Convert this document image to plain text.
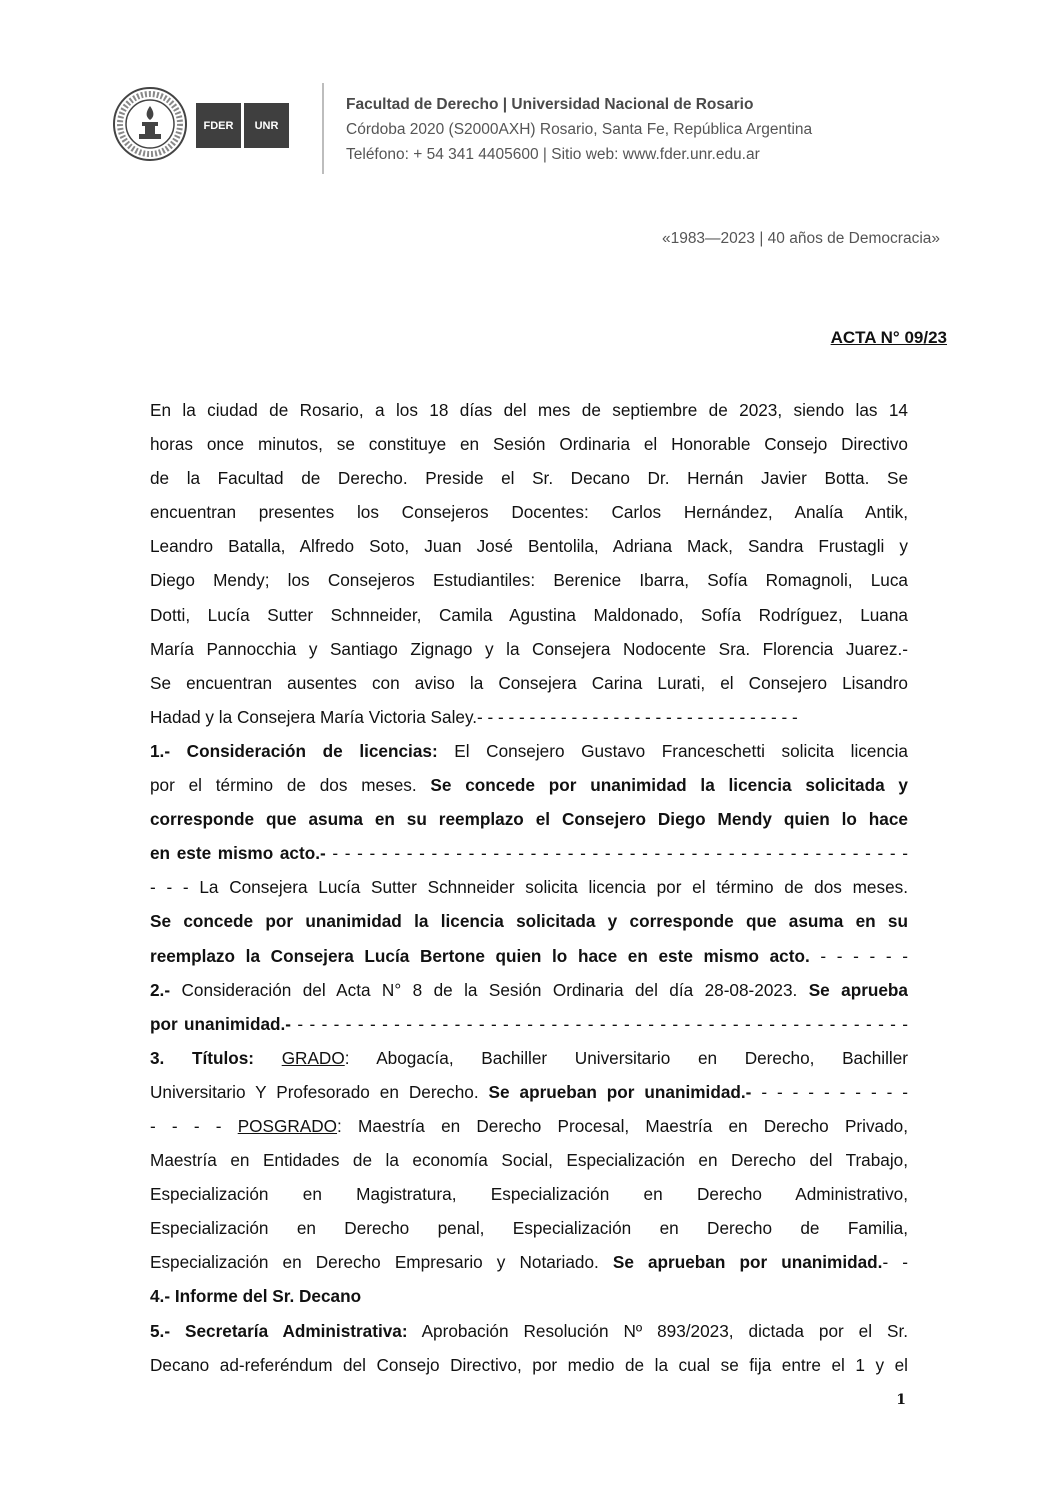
FDER	UNR
Facultad de Derecho | Universidad Nacional de Rosario
Córdoba 2020 (S2000AXH) Rosario, Santa Fe, República Argentina
Teléfono: + 54 341 4405600 | Sitio web: www.fder.unr.edu.ar
«1983—2023 | 40 años de Democracia»
ACTA N° 09/23
En la ciudad de Rosario, a los 18 días del mes de septiembre de 2023, siendo las 14
horas once minutos, se constituye en Sesión Ordinaria el Honorable Consejo Directivo
de la Facultad de Derecho. Preside el Sr. Decano Dr. Hernán Javier Botta. Se
encuentran presentes los Consejeros Docentes: Carlos Hernández, Analía Antik,
Leandro Batalla, Alfredo Soto, Juan José Bentolila, Adriana Mack, Sandra Frustagli y
Diego Mendy; los Consejeros Estudiantiles: Berenice Ibarra, Sofía Romagnoli, Luca
Dotti, Lucía Sutter Schnneider, Camila Agustina Maldonado, Sofía Rodríguez, Luana
María Pannocchia y Santiago Zignago y la Consejera Nodocente Sra. Florencia Juarez.-
Se encuentran ausentes con aviso la Consejera Carina Lurati, el Consejero Lisandro
Hadad y la Consejera María Victoria Saley.- - - - - - - - - - - - - - - - - - - - - - - - - - - - - - -
1.- Consideración de licencias: El Consejero Gustavo Franceschetti solicita licencia
por el término de dos meses. Se concede por unanimidad la licencia solicitada y
corresponde que asuma en su reemplazo el Consejero Diego Mendy quien lo hace
en este mismo acto.- - - - - - - - - - - - - - - - - - - - - - - - - - - - - - - - - - - - - - - - - - - - - - - -
- - - La Consejera Lucía Sutter Schnneider solicita licencia por el término de dos meses.
Se concede por unanimidad la licencia solicitada y corresponde que asuma en su
reemplazo la Consejera Lucía Bertone quien lo hace en este mismo acto. - - - - - -
2.- Consideración del Acta N° 8 de la Sesión Ordinaria del día 28-08-2023. Se aprueba
por unanimidad.- - - - - - - - - - - - - - - - - - - - - - - - - - - - - - - - - - - - - - - - - - - - - - - - - - - -
3. Títulos: GRADO: Abogacía, Bachiller Universitario en Derecho, Bachiller
Universitario Y Profesorado en Derecho. Se aprueban por unanimidad.- - - - - - - - - - -
- - - - POSGRADO: Maestría en Derecho Procesal, Maestría en Derecho Privado,
Maestría en Entidades de la economía Social, Especialización en Derecho del Trabajo,
Especialización en Magistratura, Especialización en Derecho Administrativo,
Especialización en Derecho penal, Especialización en Derecho de Familia,
Especialización en Derecho Empresario y Notariado. Se aprueban por unanimidad.- -
4.- Informe del Sr. Decano
5.- Secretaría Administrativa: Aprobación Resolución Nº 893/2023, dictada por el Sr.
Decano ad-referéndum del Consejo Directivo, por medio de la cual se fija entre el 1 y el
1
